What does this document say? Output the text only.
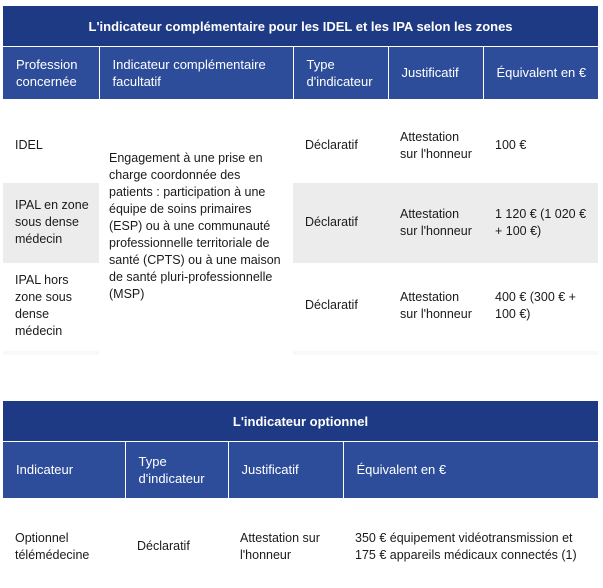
L'indicateur complémentaire pour les IDEL et les IPA selon les zones				
Profession concernée	Indicateur complémentaire facultatif	Type d'indicateur	Justificatif	Équivalent en €

	Engagement à une prise en charge coordonnée des patients : participation à une équipe de soins primaires (ESP) ou à une communauté professionnelle territoriale de santé (CPTS) ou à une maison de santé pluri-professionnelle (MSP)			

IDEL		Déclaratif	Attestation sur l'honneur	100 €

IPAL en zone sous dense médecin		Déclaratif	Attestation sur l'honneur	1 120 € (1 020 € + 100 €)
IPAL hors zone sous dense médecin		Déclaratif	Attestation sur l'honneur	400 € (300 € + 100 €)

L'indicateur optionnel			
Indicateur	Type d'indicateur	Justificatif	Équivalent en €

Optionnel télémédecine	Déclaratif	Attestation sur l'honneur	350 € équipement vidéotransmission et 175 € appareils médicaux connectés (1)
